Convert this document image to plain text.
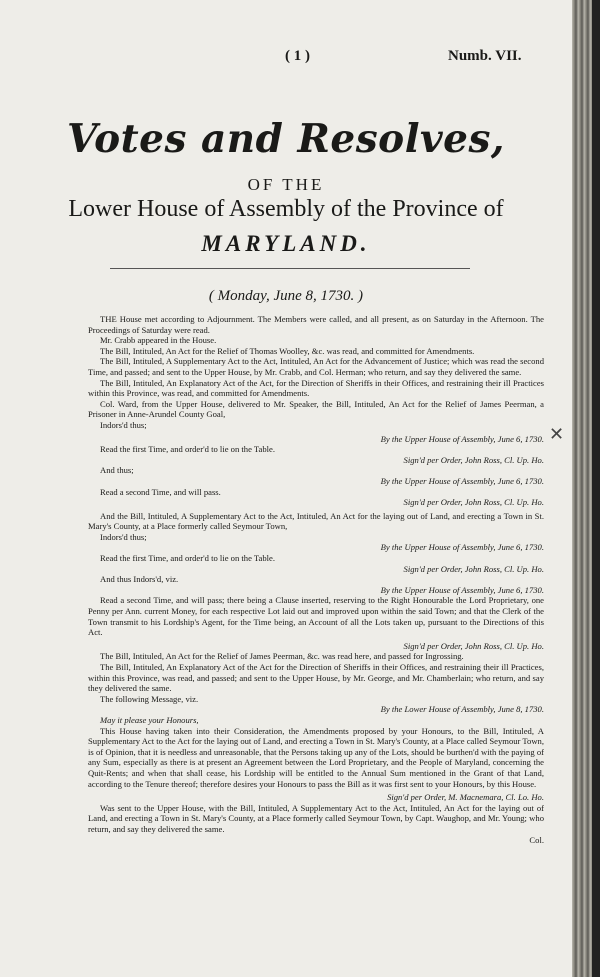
( 1 )	Numb. VII.
Votes and Resolves,
OF THE
Lower House of Assembly of the Province of
MARYLAND.
( Monday, June 8, 1730. )

THE House met according to Adjournment. The Members were called, and all present, as on Saturday in the Afternoon. The Proceedings of Saturday were read.

Mr. Crabb appeared in the House.

The Bill, Intituled, An Act for the Relief of Thomas Woolley, &c. was read, and committed for Amendments.

The Bill, Intituled, A Supplementary Act to the Act, Intituled, An Act for the Advancement of Justice; which was read the second Time, and passed; and sent to the Upper House, by Mr. Crabb, and Col. Herman; who return, and say they delivered the same.

The Bill, Intituled, An Explanatory Act of the Act, for the Direction of Sheriffs in their Offices, and restraining their ill Practices within this Province, was read, and committed for Amendments.

Col. Ward, from the Upper House, delivered to Mr. Speaker, the Bill, Intituled, An Act for the Relief of James Peerman, a Prisoner in Anne-Arundel County Goal,

Indors'd thus;

By the Upper House of Assembly, June 6, 1730.

Read the first Time, and order'd to lie on the Table.

Sign'd per Order, John Ross, Cl. Up. Ho.

And thus;

By the Upper House of Assembly, June 6, 1730.

Read a second Time, and will pass.

Sign'd per Order, John Ross, Cl. Up. Ho.

And the Bill, Intituled, A Supplementary Act to the Act, Intituled, An Act for the laying out of Land, and erecting a Town in St. Mary's County, at a Place formerly called Seymour Town,

Indors'd thus;

By the Upper House of Assembly, June 6, 1730.

Read the first Time, and order'd to lie on the Table.

Sign'd per Order, John Ross, Cl. Up. Ho.

And thus Indors'd, viz.

By the Upper House of Assembly, June 6, 1730.

Read a second Time, and will pass; there being a Clause inserted, reserving to the Right Honourable the Lord Proprietary, one Penny per Ann. current Money, for each respective Lot laid out and improved upon within the said Town; and that the Clerk of the Town transmit to his Lordship's Agent, for the Time being, an Account of all the Lots taken up, pursuant to the Directions of this Act.

Sign'd per Order, John Ross, Cl. Up. Ho.

The Bill, Intituled, An Act for the Relief of James Peerman, &c. was read here, and passed for Ingrossing.

The Bill, Intituled, An Explanatory Act of the Act for the Direction of Sheriffs in their Offices, and restraining their ill Practices, within this Province, was read, and passed; and sent to the Upper House, by Mr. George, and Mr. Chamberlain; who return, and say they delivered the same.

The following Message, viz.

By the Lower House of Assembly, June 8, 1730.

May it please your Honours,

This House having taken into their Consideration, the Amendments proposed by your Honours, to the Bill, Intituled, A Supplementary Act to the Act for the laying out of Land, and erecting a Town in St. Mary's County, at a Place called Seymour Town, is of Opinion, that it is needless and unreasonable, that the Persons taking up any of the Lots, should be burthen'd with the paying of any Sum, especially as there is at present an Agreement between the Lord Proprietary, and the People of Maryland, concerning the Quit-Rents; and when that shall cease, his Lordship will be entitled to the Annual Sum mentioned in the Grant of that Land, according to the Tenure thereof; therefore desires your Honours to pass the Bill as it was first sent to your Honours, by this House.

Sign'd per Order, M. Macnemara, Cl. Lo. Ho.

Was sent to the Upper House, with the Bill, Intituled, A Supplementary Act to the Act, Intituled, An Act for the laying out of Land, and erecting a Town in St. Mary's County, at a Place formerly called Seymour Town, by Capt. Waughop, and Mr. Young; who return, and say they delivered the same.

Col.

✕
